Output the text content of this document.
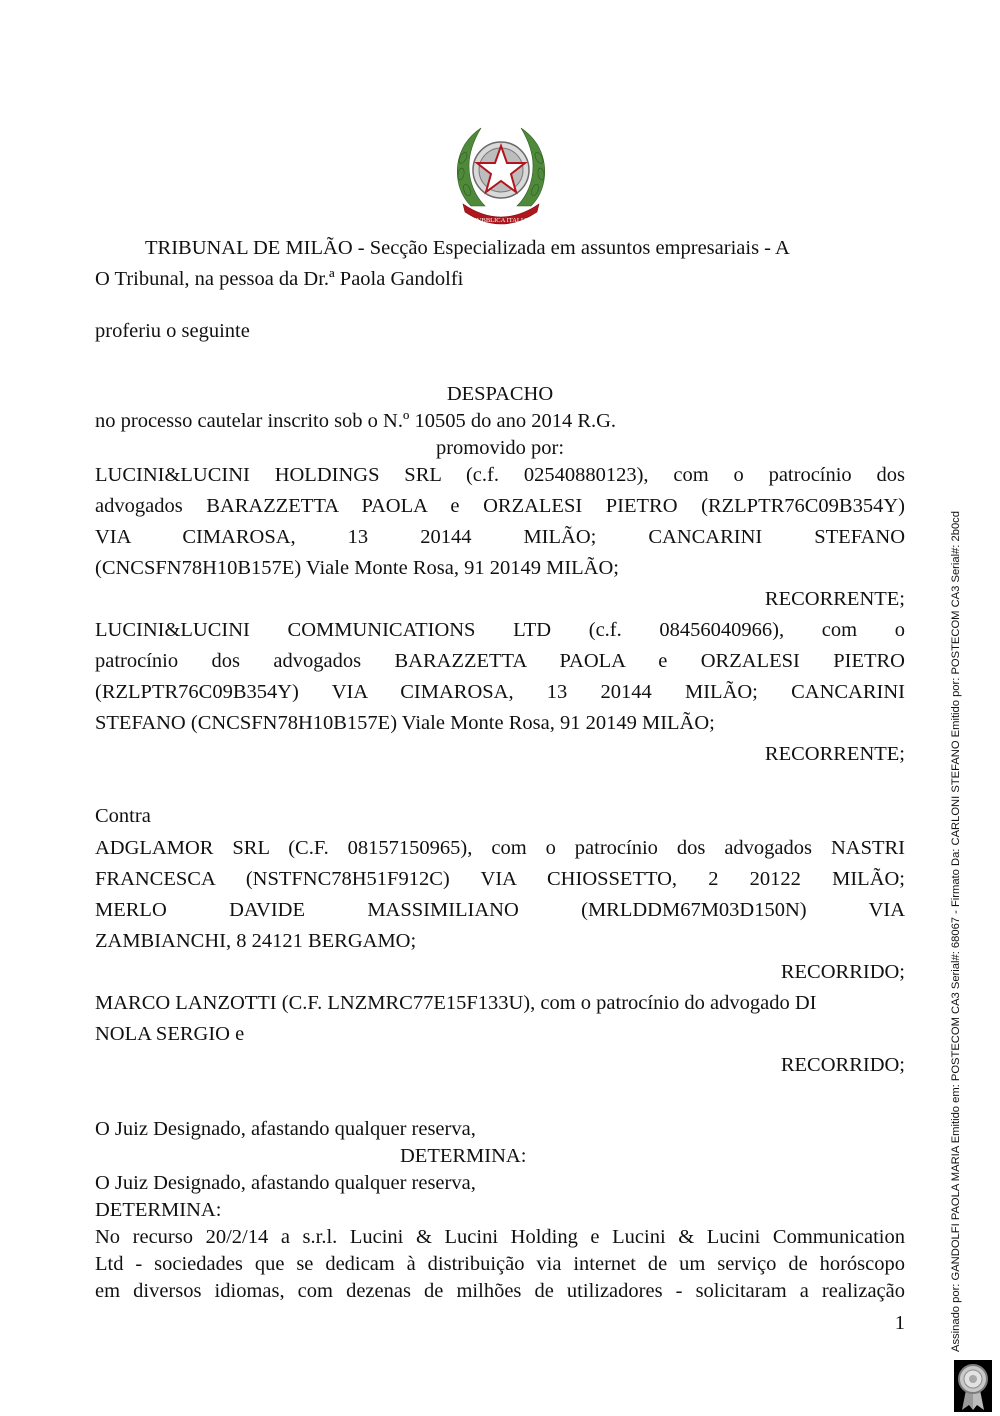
REPVBBLICA ITALIANA
TRIBUNAL DE MILÃO - Secção Especializada em assuntos empresariais - A
O Tribunal, na pessoa da Dr.ª Paola Gandolfi
proferiu o seguinte
DESPACHO
no processo cautelar inscrito sob o N.º 10505 do ano 2014 R.G.
promovido por:
LUCINI&LUCINI HOLDINGS SRL (c.f. 02540880123), com o patrocínio dos
advogados BARAZZETTA PAOLA e ORZALESI PIETRO (RZLPTR76C09B354Y)
VIA CIMAROSA, 13 20144 MILÃO; CANCARINI STEFANO
(CNCSFN78H10B157E) Viale Monte Rosa, 91 20149 MILÃO;
RECORRENTE;
LUCINI&LUCINI COMMUNICATIONS LTD (c.f. 08456040966), com o
patrocínio dos advogados BARAZZETTA PAOLA e ORZALESI PIETRO
(RZLPTR76C09B354Y) VIA CIMAROSA, 13 20144 MILÃO; CANCARINI
STEFANO (CNCSFN78H10B157E) Viale Monte Rosa, 91 20149 MILÃO;
RECORRENTE;
Contra
ADGLAMOR SRL (C.F. 08157150965), com o patrocínio dos advogados NASTRI
FRANCESCA (NSTFNC78H51F912C) VIA CHIOSSETTO, 2 20122 MILÃO;
MERLO DAVIDE MASSIMILIANO (MRLDDM67M03D150N) VIA
ZAMBIANCHI, 8 24121 BERGAMO;
RECORRIDO;
MARCO LANZOTTI (C.F. LNZMRC77E15F133U), com o patrocínio do advogado DI
NOLA SERGIO e
RECORRIDO;
O Juiz Designado, afastando qualquer reserva,
DETERMINA:
O Juiz Designado, afastando qualquer reserva,
DETERMINA:
No recurso 20/2/14 a s.r.l. Lucini & Lucini Holding e Lucini & Lucini Communication
Ltd - sociedades que se dedicam à distribuição via internet de um serviço de horóscopo
em diversos idiomas, com dezenas de milhões de utilizadores - solicitaram a realização
1	Assinado por: GANDOLFI PAOLA MARIA Emitido em: POSTECOM CA3 Serial#: 68067 - Firmato Da: CARLONI STEFANO Emitido por: POSTECOM CA3 Serial#: 2b0cd
